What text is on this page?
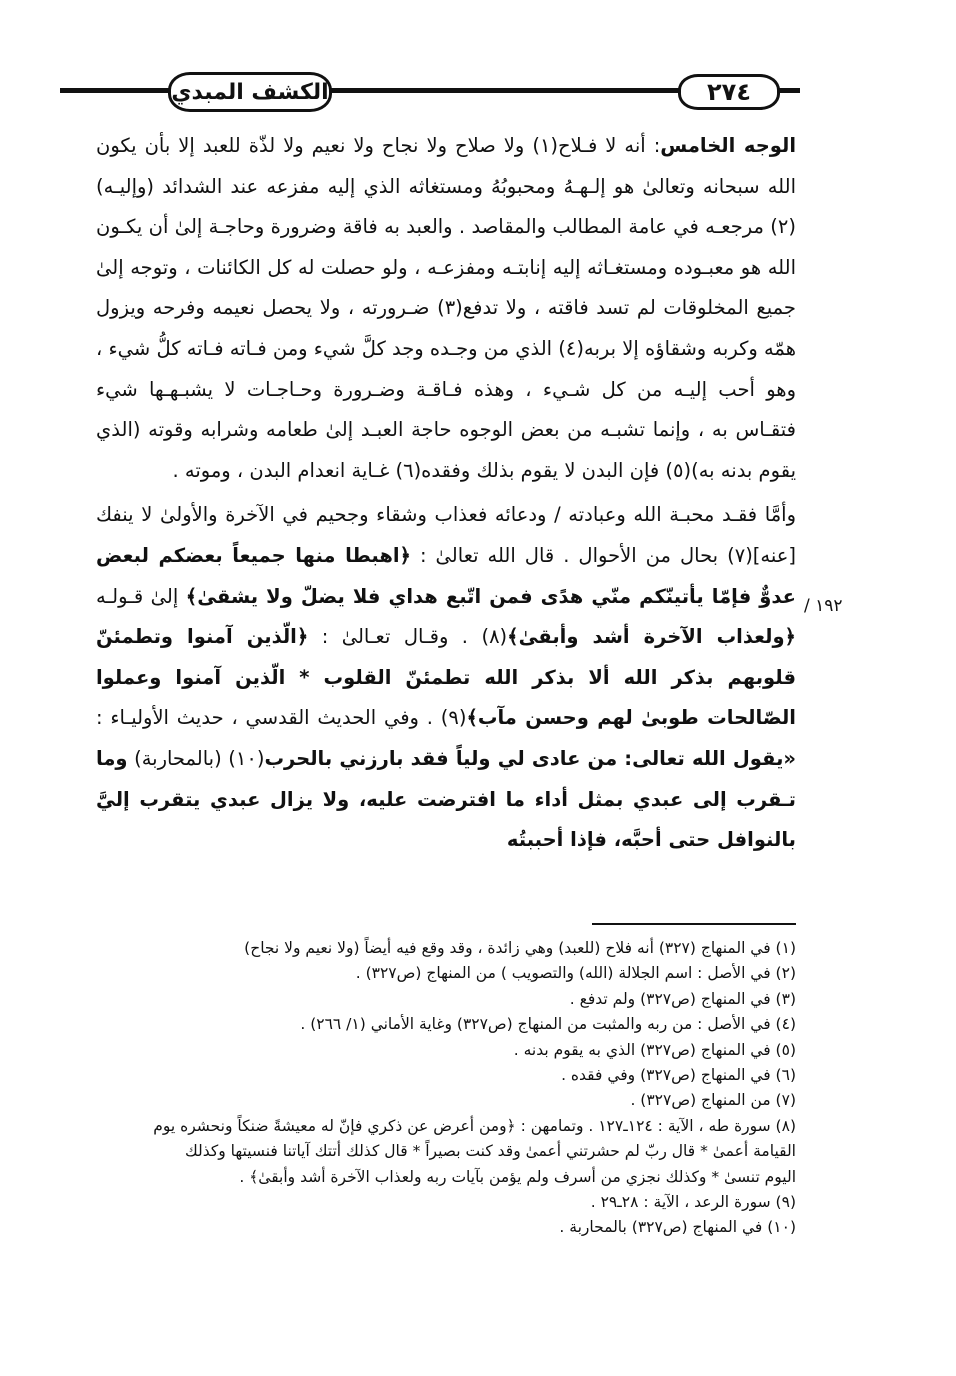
الكشف المبدي	٢٧٤
/ ١٩٢

الوجه الخامس: أنه لا فـلاح(١) ولا صلاح ولا نجاح ولا نعيم ولا لذّة للعبد إلا بأن يكون الله سبحانه وتعالىٰ هو إلـهـهُ ومحبوبُهُ ومستغاثه الذي إليه مفزعه عند الشدائد (وإليـه)(٢) مرجعـه في عامة المطالب والمقاصد . والعبد به فاقة وضرورة وحاجـة إلىٰ أن يكـون الله هو معبـوده ومستغـاثه إليه إنابتـه ومفزعـه ، ولو حصلت له كل الكائنات ، وتوجه إلىٰ جميع المخلوقات لم تسد فاقته ، ولا تدفع(٣) ضـرورته ، ولا يحصل نعيمه وفرحه ويزول همّه وكربه وشقاؤه إلا بربه(٤) الذي من وجـده وجد كلَّ شيء ومن فـاته فـاته كلُّ شيء ، وهو أحب إليـه من كل شـيء ، وهذه فـاقـة وضـرورة وحـاجـات لا يشبـهـها شيء فتقـاس به ، وإنما تشبـه من بعض الوجوه حاجة العبـد إلىٰ طعامه وشرابه وقوته (الذي يقوم بدنه به)(٥) فإن البدن لا يقوم بذلك وفقده(٦) غـاية انعدام البدن ، وموته .

وأمَّا فقـد محبـة الله وعبادته / ودعائه فعذاب وشقاء وجحيم في الآخرة والأولىٰ لا ينفك [عنه](٧) بحال من الأحوال . قال الله تعالىٰ : ﴿اهبطا منها جميعاً بعضكم لبعض عدوٌّ فإمّا يأتينّكم منّي هدًى فمن اتّبع هداي فلا يضلّ ولا يشقىٰ﴾ إلىٰ قـولـه ﴿ولعذاب الآخرة أشد وأبقىٰ﴾(٨) . وقـال تعـالىٰ : ﴿الّذين آمنوا وتطمئنّ قلوبهم بذكر الله ألا بذكر الله تطمئنّ القلوب * الّذين آمنوا وعملوا الصّالحات طوبىٰ لهم وحسن مآب﴾(٩) . وفي الحديث القدسي ، حديث الأوليـاء : «يقول الله تعالى: من عادى لي ولياً فقد بارزني بالحرب(١٠) (بالمحاربة) وما تـقرب إلى عبدي بمثل أداء ما افترضت عليه، ولا يزال عبدي يتقرب إليَّ بالنوافل حتى أحبَّه، فإذا أحببتُه

(١) في المنهاج (٣٢٧) أنه فلاح (للعبد) وهي زائدة ، وقد وقع فيه أيضاً (ولا نعيم ولا نجاح)
(٢) في الأصل : اسم الجلالة (الله) والتصويب ) من المنهاج (ص٣٢٧) .
(٣) في المنهاج (ص٣٢٧) ولم تدفع .
(٤) في الأصل : من ربه والمثبت من المنهاج (ص٣٢٧) وغاية الأماني (١/ ٢٦٦) .
(٥) في المنهاج (ص٣٢٧) الذي به يقوم بدنه .
(٦) في المنهاج (ص٣٢٧) وفي فقده .
(٧) من المنهاج (ص٣٢٧) .
(٨) سورة طه ، الآية : ١٢٤ـ١٢٧ . وتمامهن : ﴿ومن أعرض عن ذكري فإنّ له معيشةً ضنكاً ونحشره يوم القيامة أعمىٰ * قال ربّ لم حشرتني أعمىٰ وقد كنت بصيراً * قال كذلك أتتك آياتنا فنسيتها وكذلك اليوم تنسىٰ * وكذلك نجزي من أسرف ولم يؤمن بآيات ربه ولعذاب الآخرة أشد وأبقىٰ﴾ .
(٩) سورة الرعد ، الآية : ٢٨ـ٢٩ .
(١٠) في المنهاج (ص٣٢٧) بالمحاربة .
